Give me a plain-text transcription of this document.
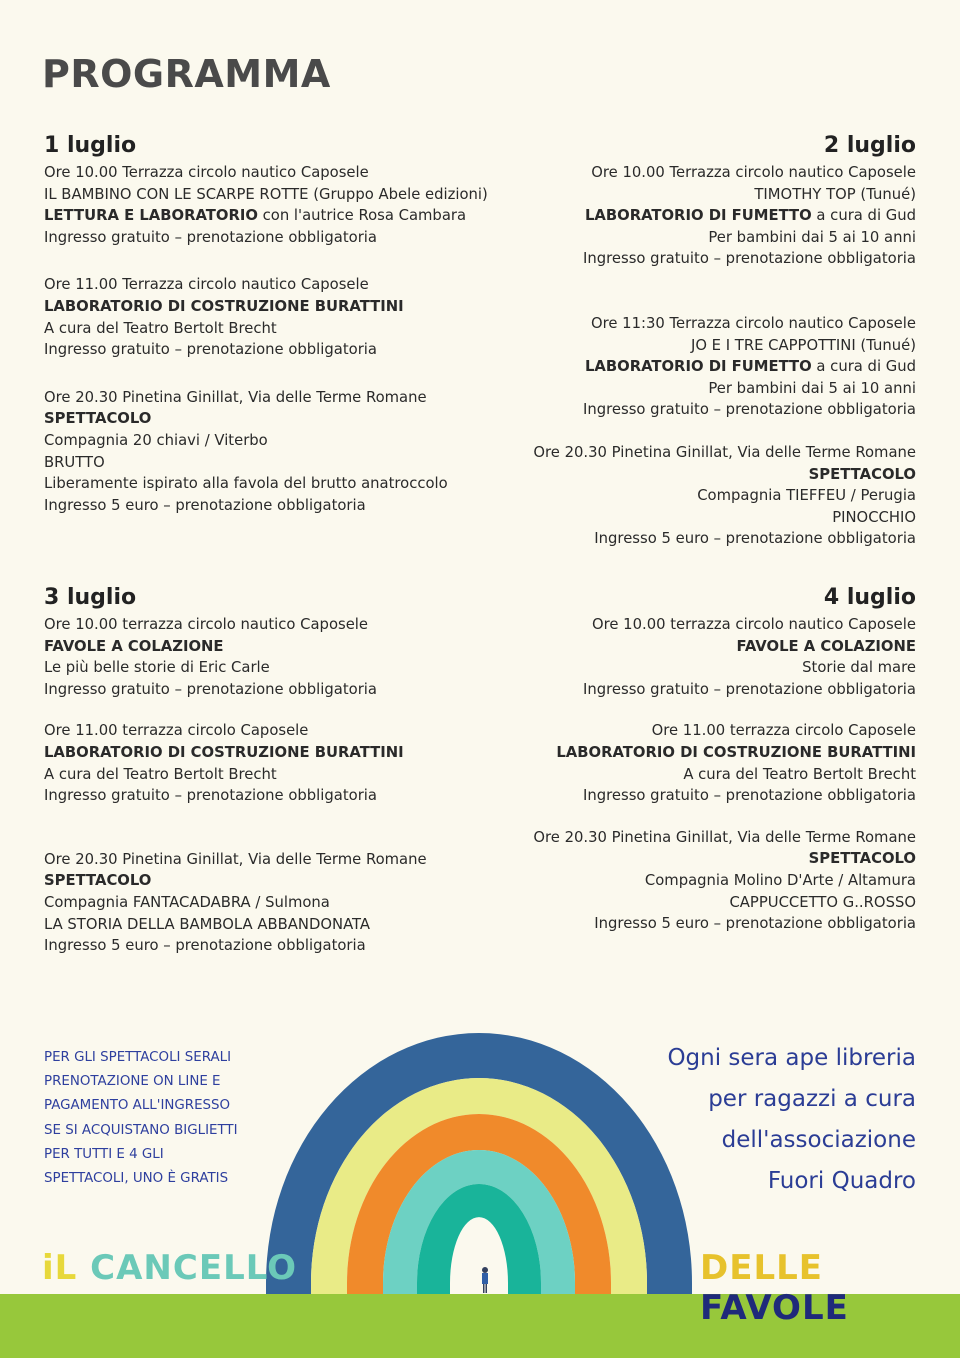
PROGRAMMA
1 luglio
Ore 10.00 Terrazza circolo nautico Caposele
IL BAMBINO CON LE SCARPE ROTTE (Gruppo Abele edizioni)
LETTURA E LABORATORIO con l'autrice Rosa Cambara
Ingresso gratuito – prenotazione obbligatoria
Ore 11.00 Terrazza circolo nautico Caposele
LABORATORIO DI COSTRUZIONE BURATTINI
A cura del Teatro Bertolt Brecht
Ingresso gratuito – prenotazione obbligatoria
Ore 20.30 Pinetina Ginillat, Via delle Terme Romane
SPETTACOLO
Compagnia 20 chiavi / Viterbo
BRUTTO
Liberamente ispirato alla favola del brutto anatroccolo
Ingresso 5 euro – prenotazione obbligatoria
2 luglio
Ore 10.00 Terrazza circolo nautico Caposele
TIMOTHY TOP (Tunué)
LABORATORIO DI FUMETTO a cura di Gud
Per bambini dai 5 ai 10 anni
Ingresso gratuito – prenotazione obbligatoria
Ore 11:30 Terrazza circolo nautico Caposele
JO E I TRE CAPPOTTINI (Tunué)
LABORATORIO DI FUMETTO a cura di Gud
Per bambini dai 5 ai 10 anni
Ingresso gratuito – prenotazione obbligatoria
Ore 20.30 Pinetina Ginillat, Via delle Terme Romane
SPETTACOLO
Compagnia TIEFFEU / Perugia
PINOCCHIO
Ingresso 5 euro – prenotazione obbligatoria
3 luglio
Ore 10.00 terrazza circolo nautico Caposele
FAVOLE A COLAZIONE
Le più belle storie di Eric Carle
Ingresso gratuito – prenotazione obbligatoria
Ore 11.00 terrazza circolo Caposele
LABORATORIO DI COSTRUZIONE BURATTINI
A cura del Teatro Bertolt Brecht
Ingresso gratuito – prenotazione obbligatoria
Ore 20.30 Pinetina Ginillat, Via delle Terme Romane
SPETTACOLO
Compagnia FANTACADABRA / Sulmona
LA STORIA DELLA BAMBOLA ABBANDONATA
Ingresso 5 euro – prenotazione obbligatoria
4 luglio
Ore 10.00 terrazza circolo nautico Caposele
FAVOLE A COLAZIONE
Storie dal mare
Ingresso gratuito – prenotazione obbligatoria
Ore 11.00 terrazza circolo Caposele
LABORATORIO DI COSTRUZIONE BURATTINI
A cura del Teatro Bertolt Brecht
Ingresso gratuito – prenotazione obbligatoria
Ore 20.30 Pinetina Ginillat, Via delle Terme Romane
SPETTACOLO
Compagnia Molino D'Arte / Altamura
CAPPUCCETTO G..ROSSO
Ingresso 5 euro – prenotazione obbligatoria
PER GLI SPETTACOLI SERALI
PRENOTAZIONE ON LINE E
PAGAMENTO ALL'INGRESSO
SE SI ACQUISTANO BIGLIETTI
PER TUTTI E 4 GLI
SPETTACOLI, UNO È GRATIS
Ogni sera ape libreria
per ragazzi a cura
dell'associazione
Fuori Quadro
iL CANCELLO	DELLE FAVOLE
